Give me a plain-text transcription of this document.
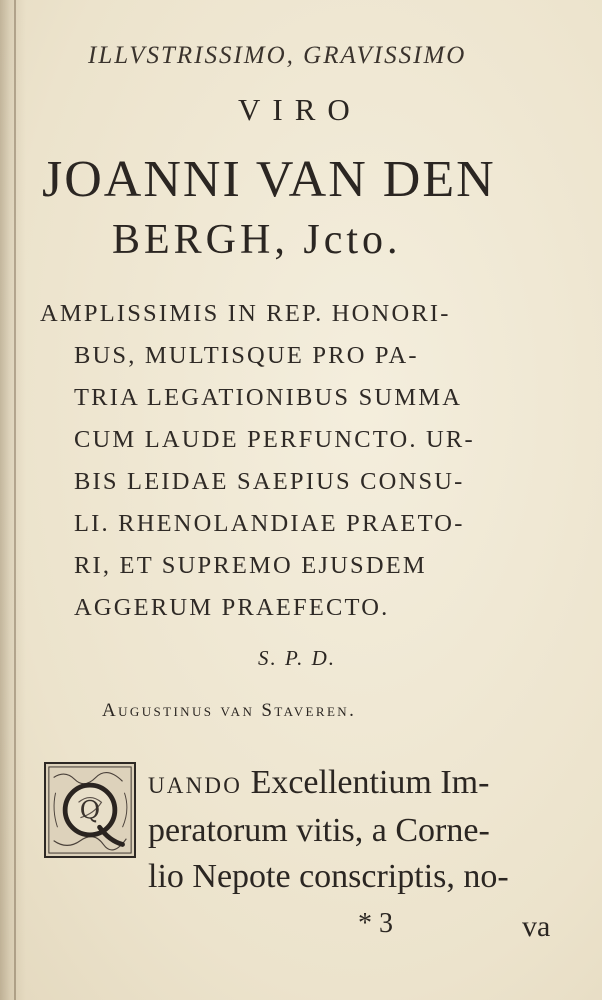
ILLVSTRISSIMO, GRAVISSIMO
VIRO
JOANNI VAN DEN
BERGH, Jcto.
AMPLISSIMIS IN REP. HONORI-
BUS, MULTISQUE PRO PA-
TRIA LEGATIONIBUS SUMMA
CUM LAUDE PERFUNCTO. UR-
BIS LEIDAE SAEPIUS CONSU-
LI. RHENOLANDIAE PRAETO-
RI, ET SUPREMO EJUSDEM
AGGERUM PRAEFECTO.
S. P. D.
Augustinus van Staveren.
Q
UANDO Excellentium Im-
peratorum vitis, a Corne-
lio Nepote conscriptis, no-
* 3	va
